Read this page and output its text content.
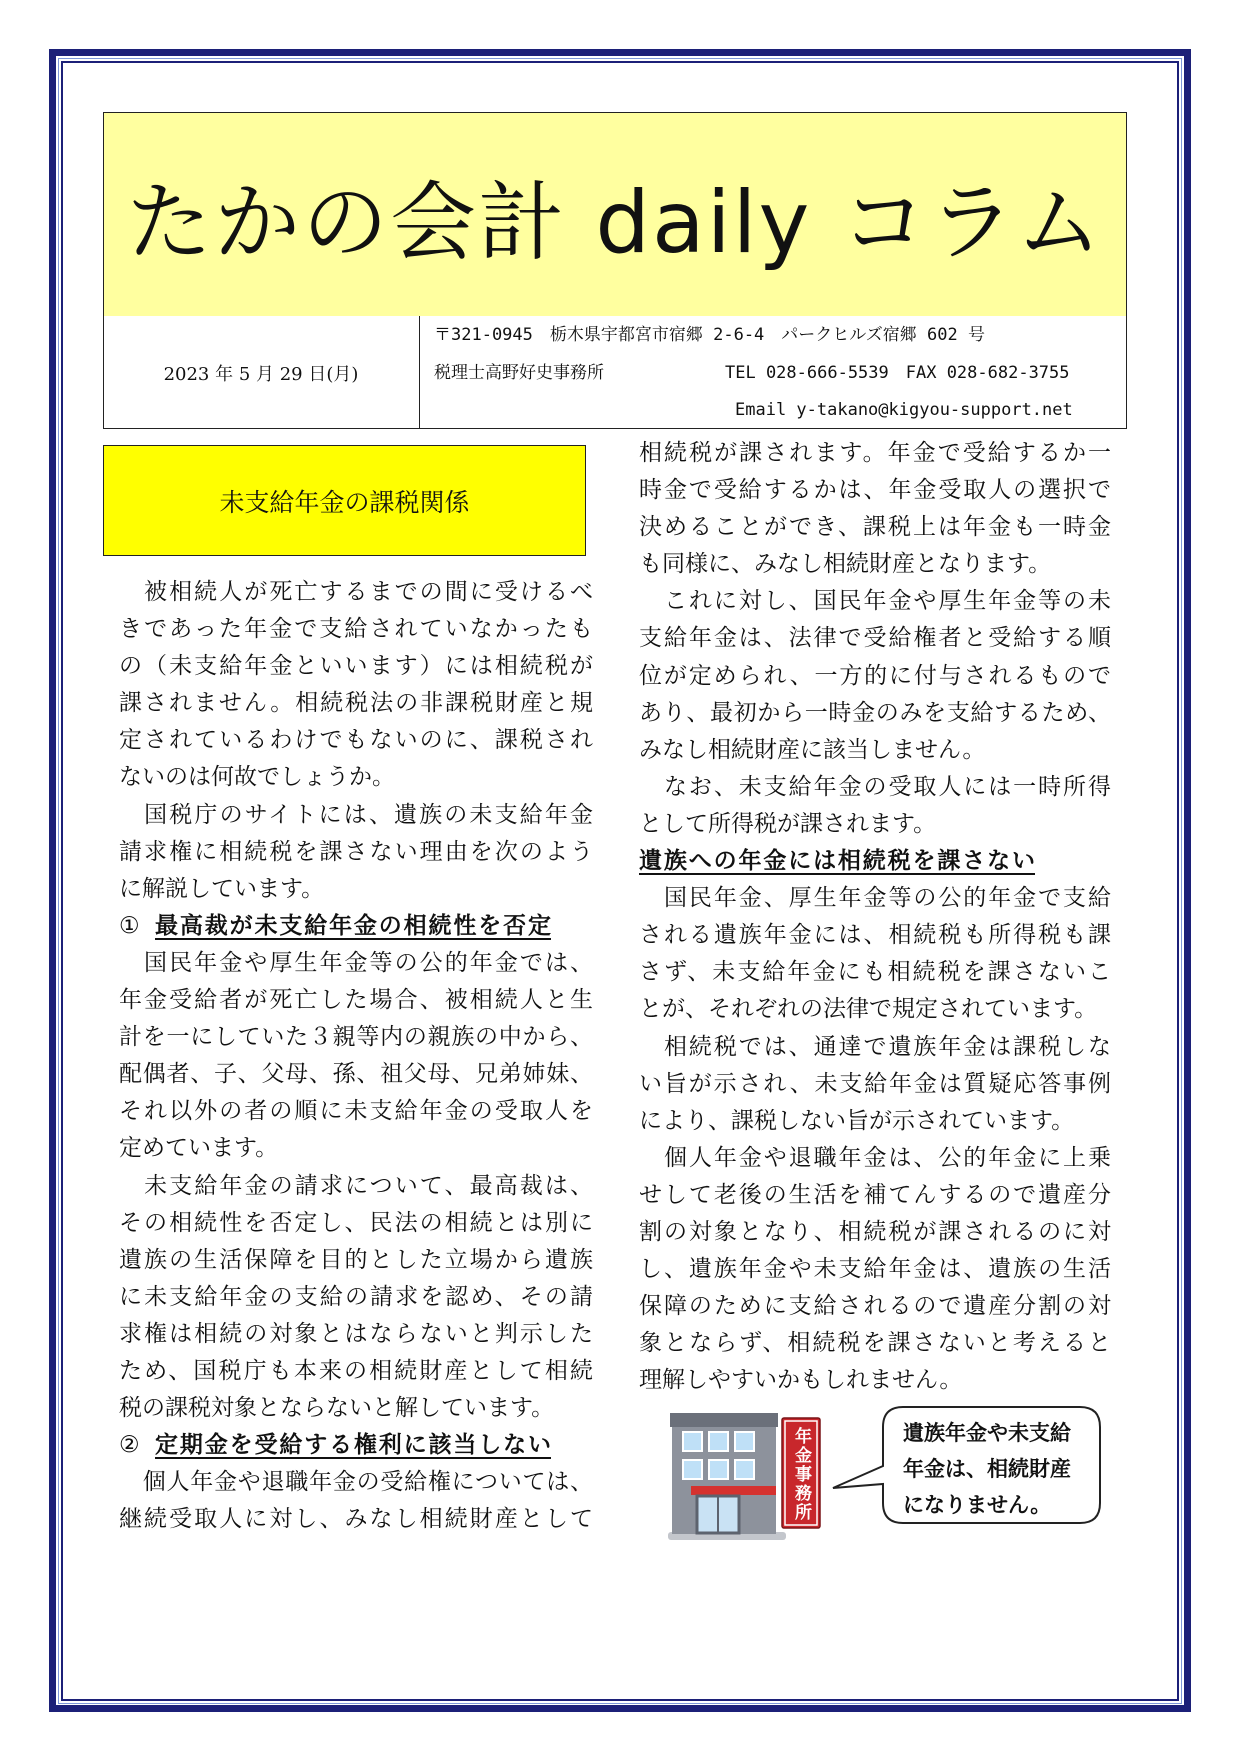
たかの会計 daily コラム
2023 年 5 月 29 日(月)
〒321-0945　栃木県宇都宮市宿郷 2-6-4　パークヒルズ宿郷 602 号
税理士高野好史事務所	TEL 028-666-5539　FAX 028-682-3755
Email y-takano@kigyou-support.net
未支給年金の課税関係
　被相続人が死亡するまでの間に受けるべ
きであった年金で支給されていなかったも
の（未支給年金といいます）には相続税が
課されません。相続税法の非課税財産と規
定されているわけでもないのに、課税され
ないのは何故でしょうか。
　国税庁のサイトには、遺族の未支給年金
請求権に相続税を課さない理由を次のよう
に解説しています。
① 最高裁が未支給年金の相続性を否定
　国民年金や厚生年金等の公的年金では、
年金受給者が死亡した場合、被相続人と生
計を一にしていた３親等内の親族の中から、
配偶者、子、父母、孫、祖父母、兄弟姉妹、
それ以外の者の順に未支給年金の受取人を
定めています。
　未支給年金の請求について、最高裁は、
その相続性を否定し、民法の相続とは別に
遺族の生活保障を目的とした立場から遺族
に未支給年金の支給の請求を認め、その請
求権は相続の対象とはならないと判示した
ため、国税庁も本来の相続財産として相続
税の課税対象とならないと解しています。
② 定期金を受給する権利に該当しない
　個人年金や退職年金の受給権については、
継続受取人に対し、みなし相続財産として
相続税が課されます。年金で受給するか一
時金で受給するかは、年金受取人の選択で
決めることができ、課税上は年金も一時金
も同様に、みなし相続財産となります。
　これに対し、国民年金や厚生年金等の未
支給年金は、法律で受給権者と受給する順
位が定められ、一方的に付与されるもので
あり、最初から一時金のみを支給するため、
みなし相続財産に該当しません。
　なお、未支給年金の受取人には一時所得
として所得税が課されます。
遺族への年金には相続税を課さない
　国民年金、厚生年金等の公的年金で支給
される遺族年金には、相続税も所得税も課
さず、未支給年金にも相続税を課さないこ
とが、それぞれの法律で規定されています。
　相続税では、通達で遺族年金は課税しな
い旨が示され、未支給年金は質疑応答事例
により、課税しない旨が示されています。
　個人年金や退職年金は、公的年金に上乗
せして老後の生活を補てんするので遺産分
割の対象となり、相続税が課されるのに対
し、遺族年金や未支給年金は、遺族の生活
保障のために支給されるので遺産分割の対
象とならず、相続税を課さないと考えると
理解しやすいかもしれません。
年金事務所	遺族年金や未支給
年金は、相続財産
になりません。
